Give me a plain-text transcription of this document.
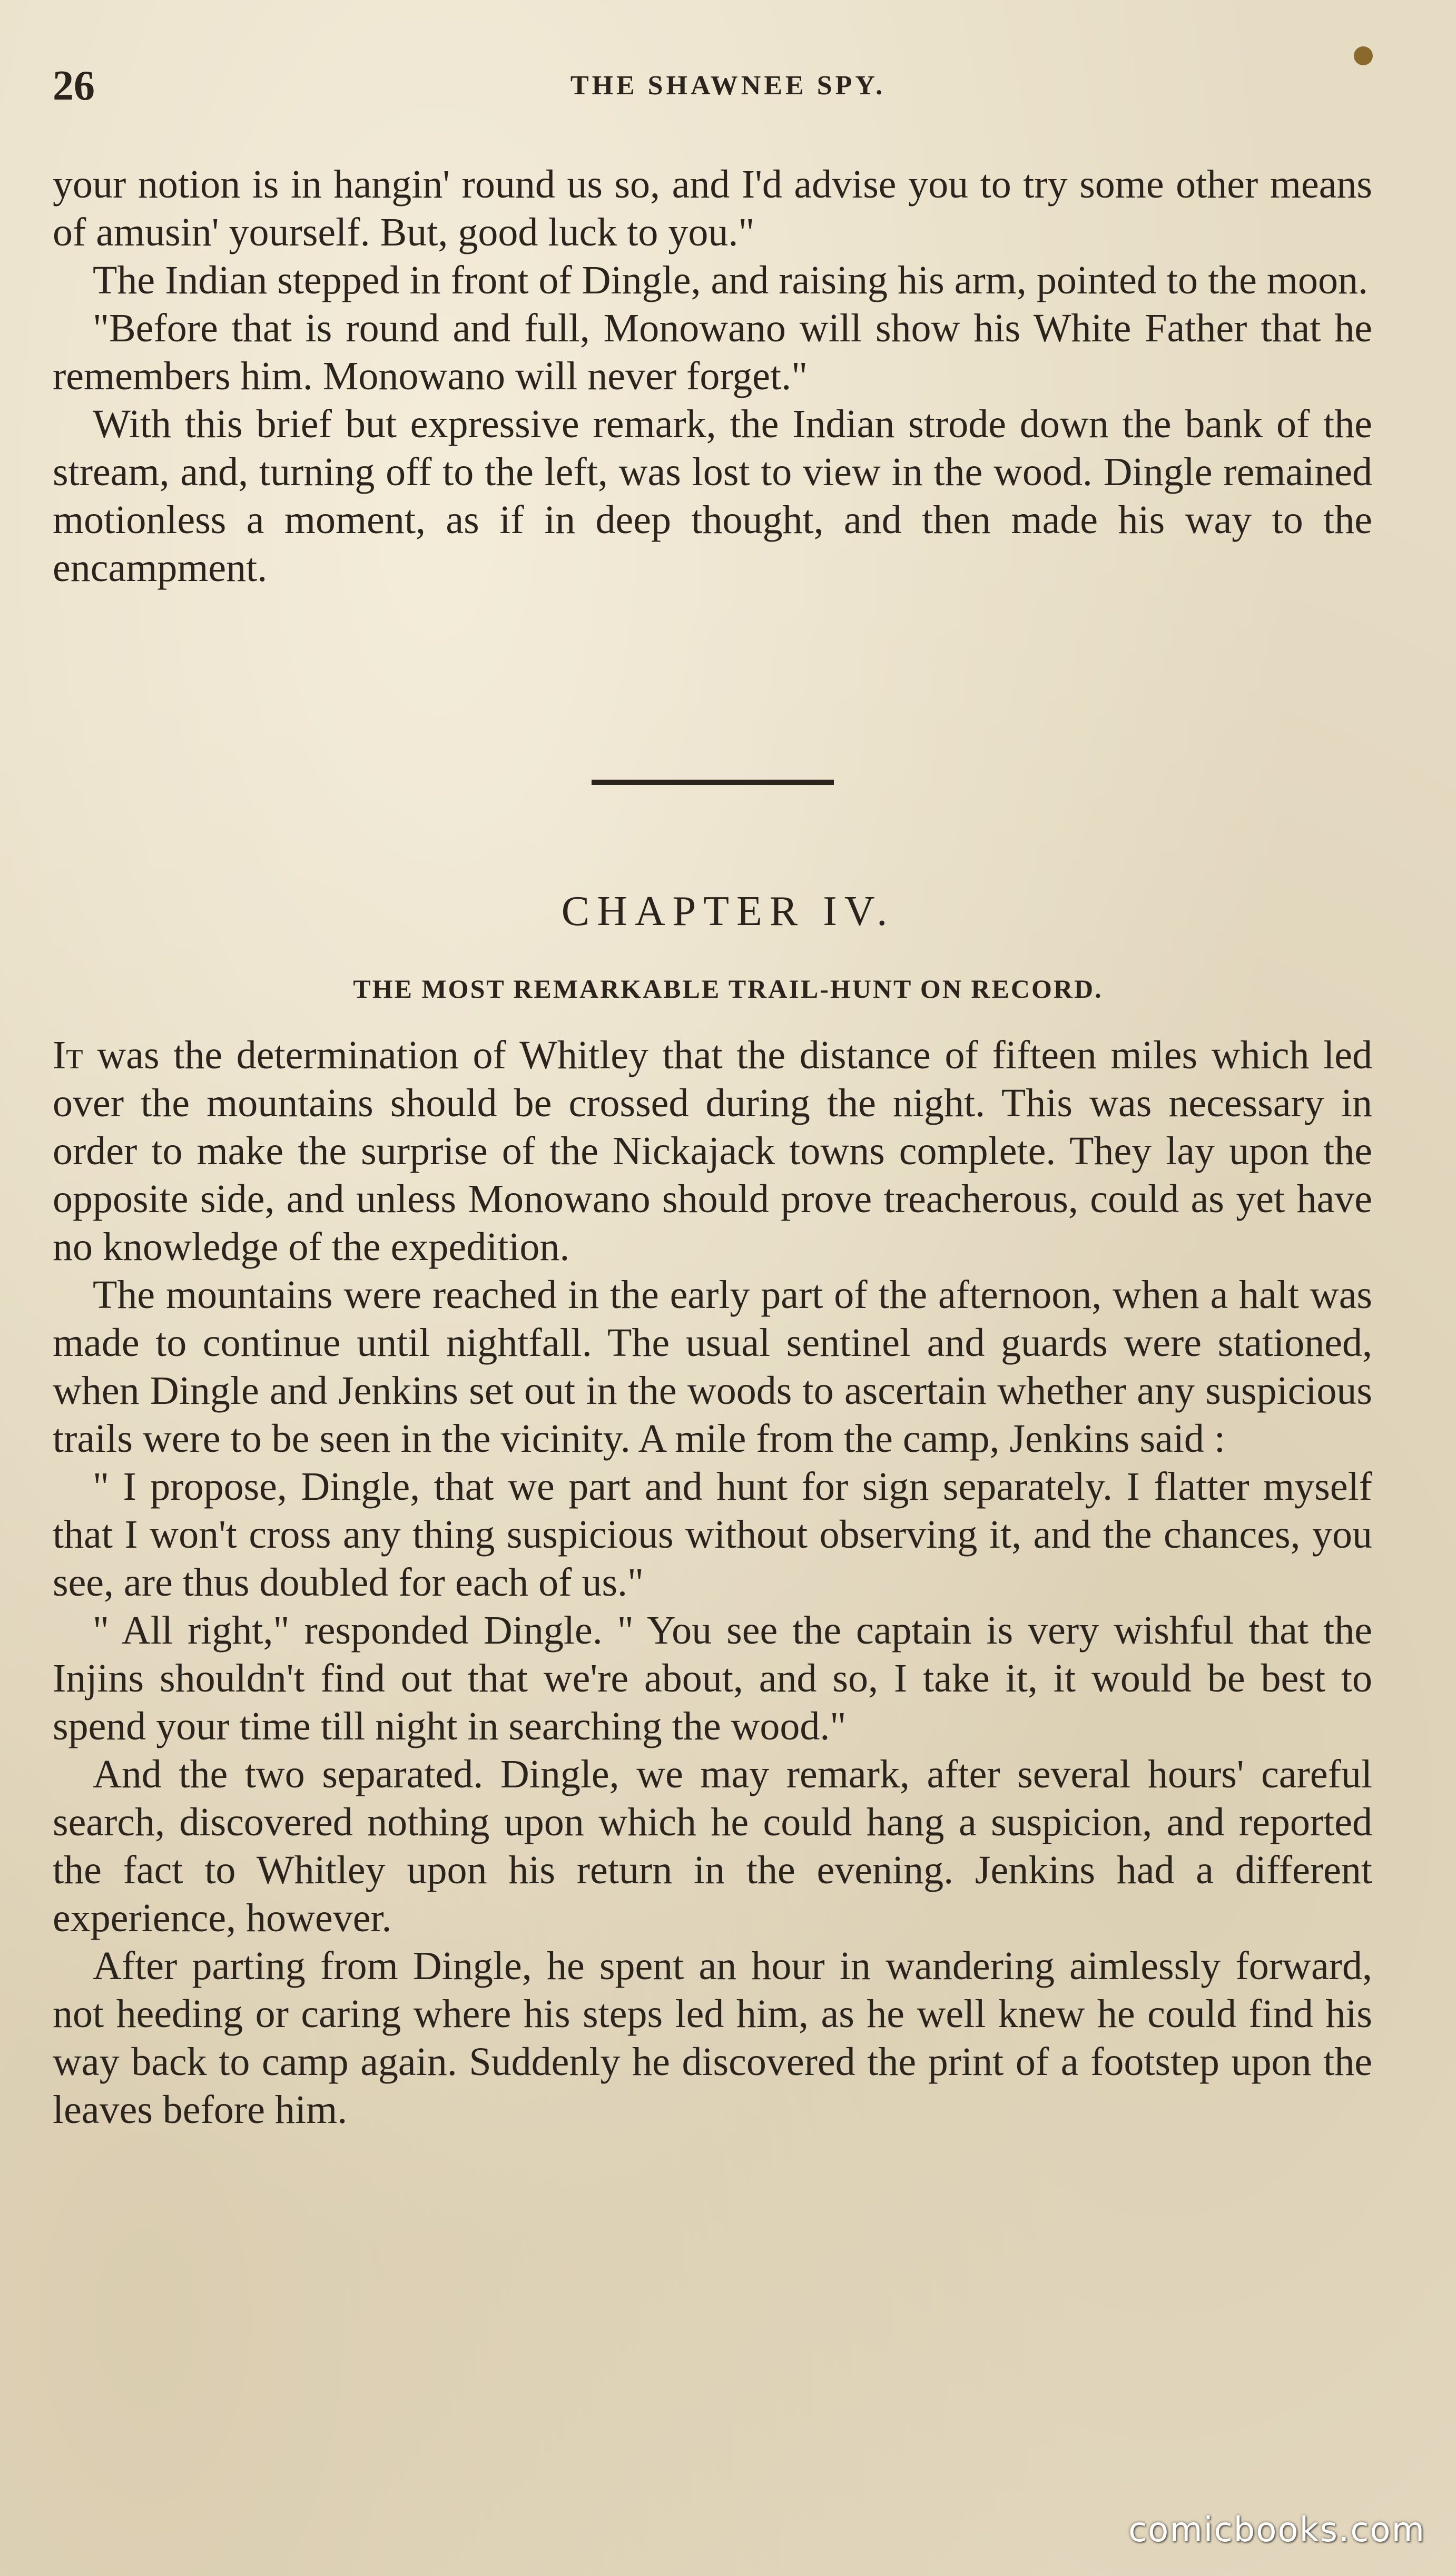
26	THE SHAWNEE SPY.

your notion is in hangin' round us so, and I'd advise you to try some other means of amusin' yourself. But, good luck to you."

The Indian stepped in front of Dingle, and raising his arm, pointed to the moon.

"Before that is round and full, Monowano will show his White Father that he remembers him. Monowano will never forget."

With this brief but expressive remark, the Indian strode down the bank of the stream, and, turning off to the left, was lost to view in the wood. Dingle remained motionless a moment, as if in deep thought, and then made his way to the encampment.

CHAPTER IV.
THE MOST REMARKABLE TRAIL-HUNT ON RECORD.

It was the determination of Whitley that the distance of fifteen miles which led over the mountains should be crossed during the night. This was necessary in order to make the surprise of the Nickajack towns complete. They lay upon the opposite side, and unless Monowano should prove treacherous, could as yet have no knowledge of the expedition.

The mountains were reached in the early part of the afternoon, when a halt was made to continue until nightfall. The usual sentinel and guards were stationed, when Dingle and Jenkins set out in the woods to ascertain whether any suspicious trails were to be seen in the vicinity. A mile from the camp, Jenkins said :

" I propose, Dingle, that we part and hunt for sign separately. I flatter myself that I won't cross any thing suspicious without observing it, and the chances, you see, are thus doubled for each of us."

" All right," responded Dingle. " You see the captain is very wishful that the Injins shouldn't find out that we're about, and so, I take it, it would be best to spend your time till night in searching the wood."

And the two separated. Dingle, we may remark, after several hours' careful search, discovered nothing upon which he could hang a suspicion, and reported the fact to Whitley upon his return in the evening. Jenkins had a different experience, however.

After parting from Dingle, he spent an hour in wandering aimlessly forward, not heeding or caring where his steps led him, as he well knew he could find his way back to camp again. Suddenly he discovered the print of a footstep upon the leaves before him.

comicbooks.com
